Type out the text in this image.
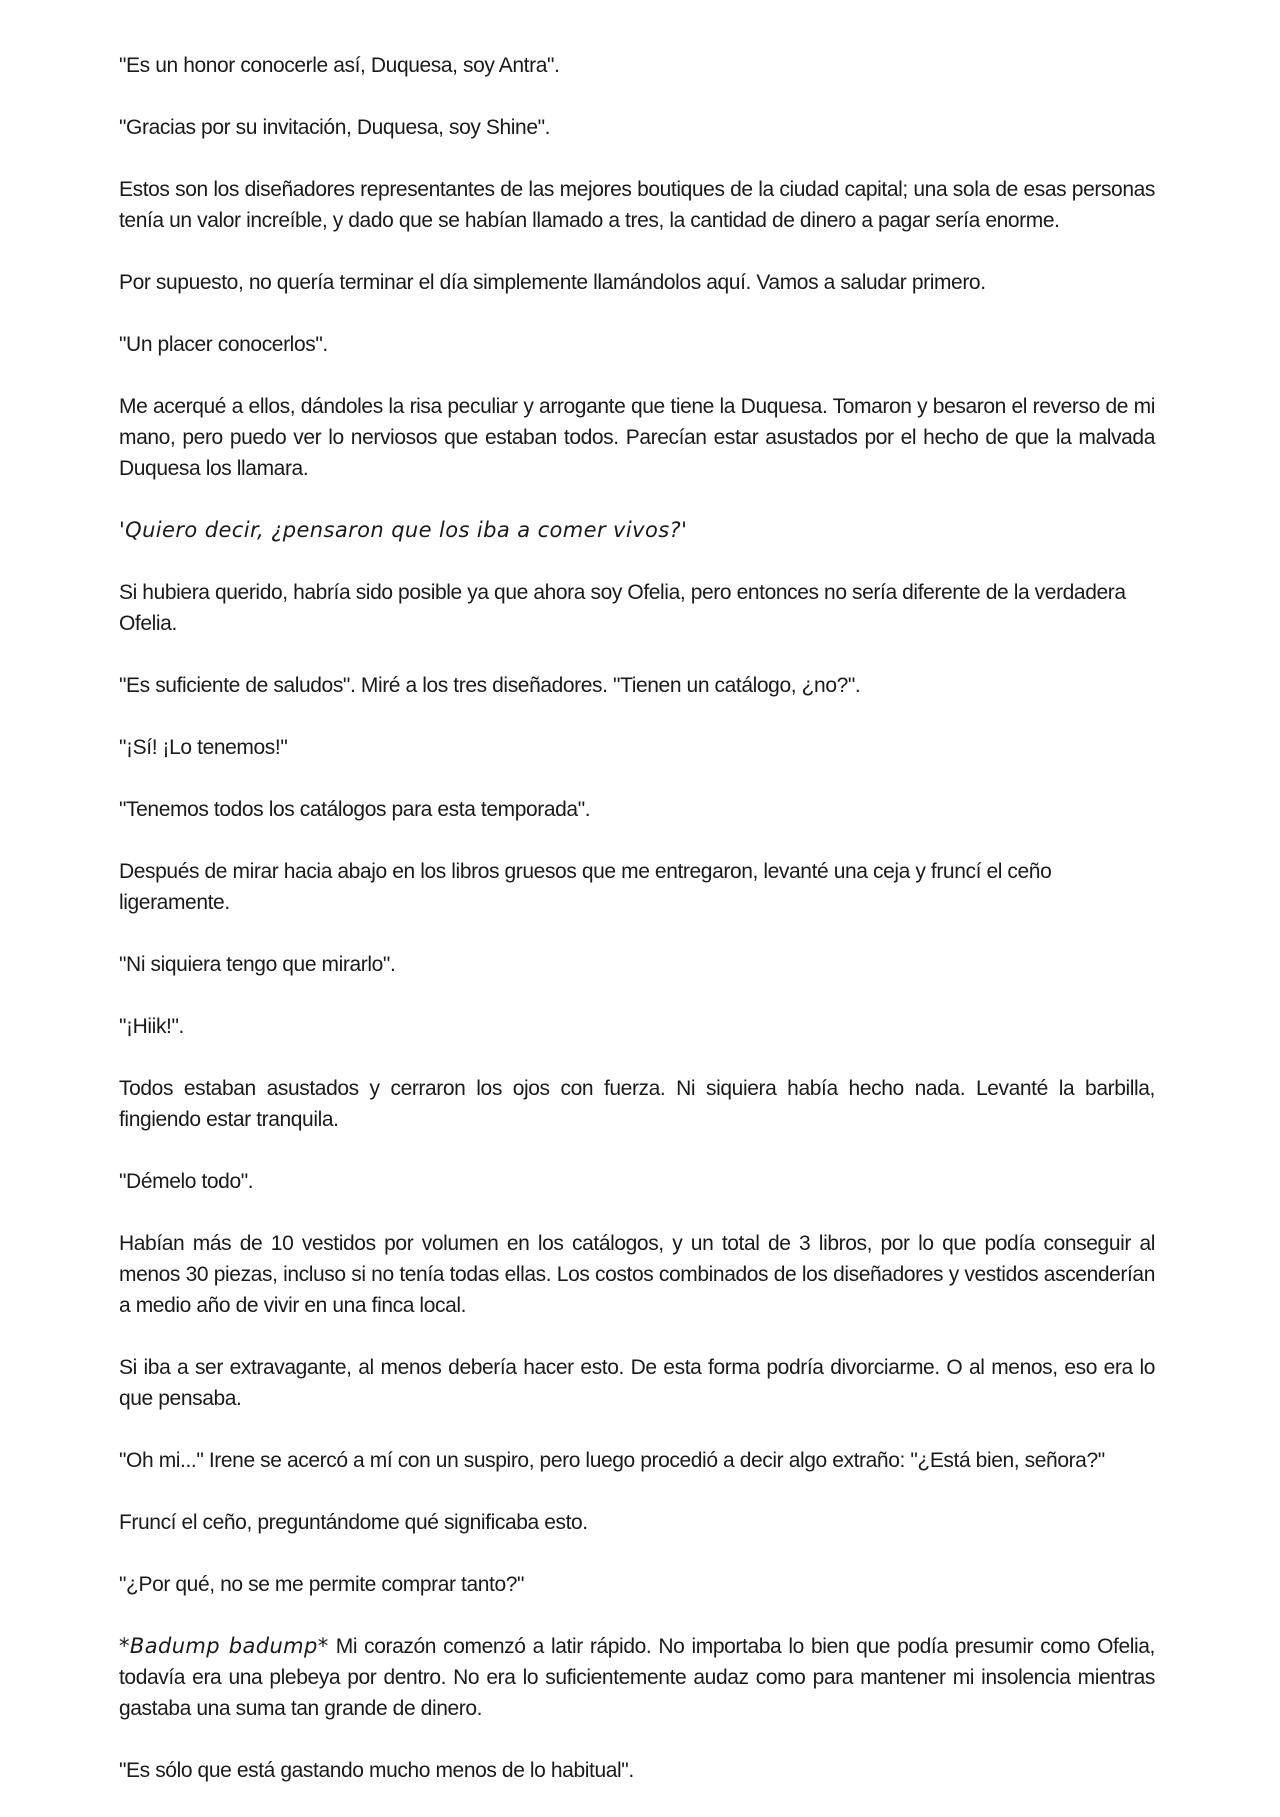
"Es un honor conocerle así, Duquesa, soy Antra".

"Gracias por su invitación, Duquesa, soy Shine".

Estos son los diseñadores representantes de las mejores boutiques de la ciudad capital; una sola de esas personas tenía un valor increíble, y dado que se habían llamado a tres, la cantidad de dinero a pagar sería enorme.

Por supuesto, no quería terminar el día simplemente llamándolos aquí. Vamos a saludar primero.

"Un placer conocerlos".

Me acerqué a ellos, dándoles la risa peculiar y arrogante que tiene la Duquesa. Tomaron y besaron el reverso de mi mano, pero puedo ver lo nerviosos que estaban todos. Parecían estar asustados por el hecho de que la malvada Duquesa los llamara.

'Quiero decir, ¿pensaron que los iba a comer vivos?'

Si hubiera querido, habría sido posible ya que ahora soy Ofelia, pero entonces no sería diferente de la verdadera Ofelia.

"Es suficiente de saludos". Miré a los tres diseñadores. "Tienen un catálogo, ¿no?".

"¡Sí! ¡Lo tenemos!"

"Tenemos todos los catálogos para esta temporada".

Después de mirar hacia abajo en los libros gruesos que me entregaron, levanté una ceja y fruncí el ceño ligeramente.

"Ni siquiera tengo que mirarlo".

"¡Hiik!".

Todos estaban asustados y cerraron los ojos con fuerza. Ni siquiera había hecho nada. Levanté la barbilla, fingiendo estar tranquila.

"Démelo todo".

Habían más de 10 vestidos por volumen en los catálogos, y un total de 3 libros, por lo que podía conseguir al menos 30 piezas, incluso si no tenía todas ellas. Los costos combinados de los diseñadores y vestidos ascenderían a medio año de vivir en una finca local.

Si iba a ser extravagante, al menos debería hacer esto. De esta forma podría divorciarme. O al menos, eso era lo que pensaba.

"Oh mi..." Irene se acercó a mí con un suspiro, pero luego procedió a decir algo extraño: "¿Está bien, señora?"

Fruncí el ceño, preguntándome qué significaba esto.

"¿Por qué, no se me permite comprar tanto?"

*Badump badump* Mi corazón comenzó a latir rápido. No importaba lo bien que podía presumir como Ofelia, todavía era una plebeya por dentro. No era lo suficientemente audaz como para mantener mi insolencia mientras gastaba una suma tan grande de dinero.

"Es sólo que está gastando mucho menos de lo habitual".
